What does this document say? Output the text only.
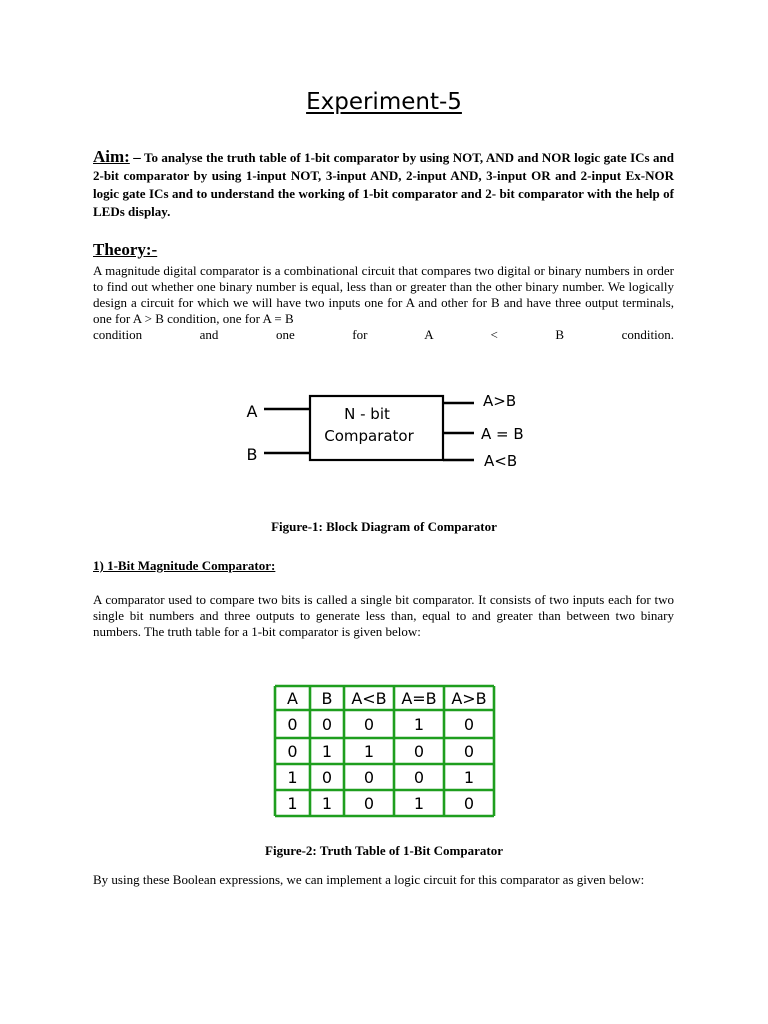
Experiment-5

Aim: – To analyse the truth table of 1-bit comparator by using NOT, AND and NOR logic gate ICs and 2-bit comparator by using 1-input NOT, 3-input AND, 2-input AND, 3-input OR and 2-input Ex-NOR logic gate ICs and to understand the working of 1-bit comparator and 2- bit comparator with the help of LEDs display.

Theory:-

A magnitude digital comparator is a combinational circuit that compares two digital or binary numbers in order to find out whether one binary number is equal, less than or greater than the other binary number. We logically design a circuit for which we will have two inputs one for A and other for B and have three output terminals, one for A > B condition, one for A = B

condition and one for A < B condition.

A
B
N - bit
Comparator
A>B
A = B
A<B
Figure-1: Block Diagram of Comparator
1) 1-Bit Magnitude Comparator:

A comparator used to compare two bits is called a single bit comparator. It consists of two inputs each for two single bit numbers and three outputs to generate less than, equal to and greater than between two binary numbers. The truth table for a 1-bit comparator is given below:

A B A<B A=B A>B
0 0 0 1 0
0 1 1 0 0
1 0 0 0 1
1 1 0 1 0
Figure-2: Truth Table of 1-Bit Comparator

By using these Boolean expressions, we can implement a logic circuit for this comparator as given below:
